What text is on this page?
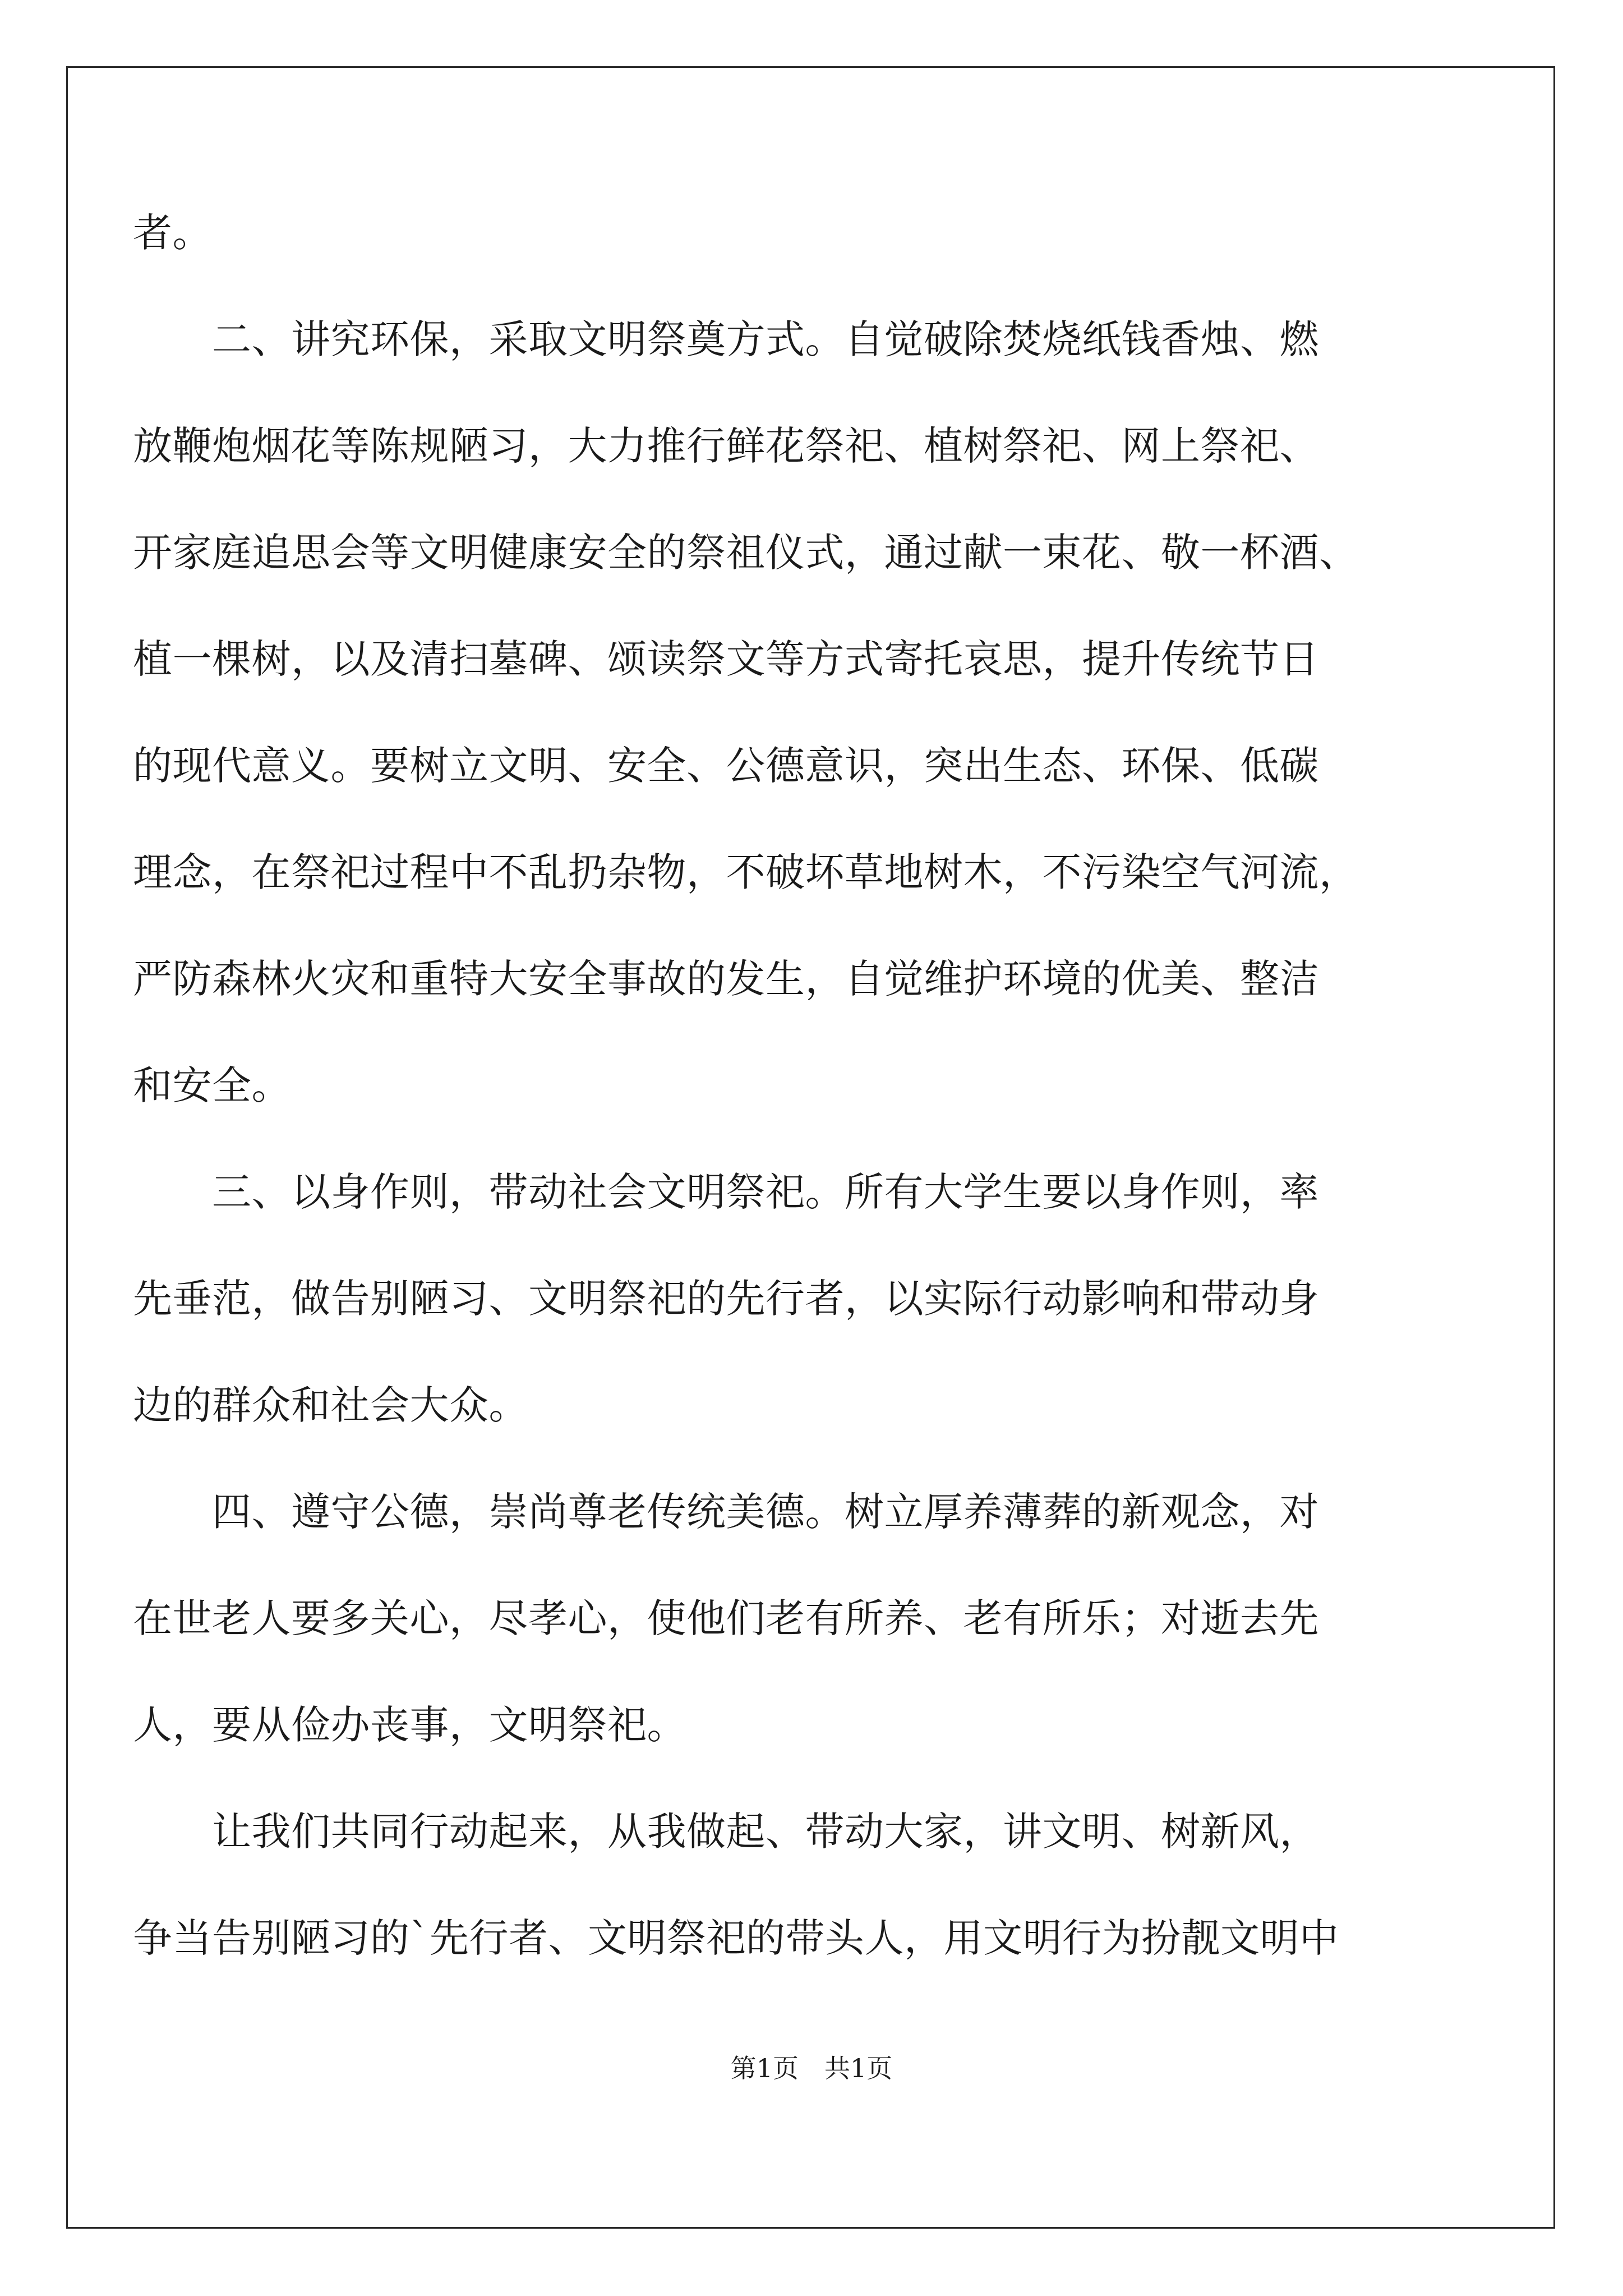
者。
　　二、讲究环保，采取文明祭奠方式。自觉破除焚烧纸钱香烛、燃
放鞭炮烟花等陈规陋习，大力推行鲜花祭祀、植树祭祀、网上祭祀、
开家庭追思会等文明健康安全的祭祖仪式，通过献一束花、敬一杯酒、
植一棵树，以及清扫墓碑、颂读祭文等方式寄托哀思，提升传统节日
的现代意义。要树立文明、安全、公德意识，突出生态、环保、低碳
理念，在祭祀过程中不乱扔杂物，不破坏草地树木，不污染空气河流，
严防森林火灾和重特大安全事故的发生，自觉维护环境的优美、整洁
和安全。
　　三、以身作则，带动社会文明祭祀。所有大学生要以身作则，率
先垂范，做告别陋习、文明祭祀的先行者，以实际行动影响和带动身
边的群众和社会大众。
　　四、遵守公德，崇尚尊老传统美德。树立厚养薄葬的新观念，对
在世老人要多关心，尽孝心，使他们老有所养、老有所乐；对逝去先
人，要从俭办丧事，文明祭祀。
　　让我们共同行动起来，从我做起、带动大家，讲文明、树新风，
争当告别陋习的`先行者、文明祭祀的带头人，用文明行为扮靓文明中
第1页　共1页
